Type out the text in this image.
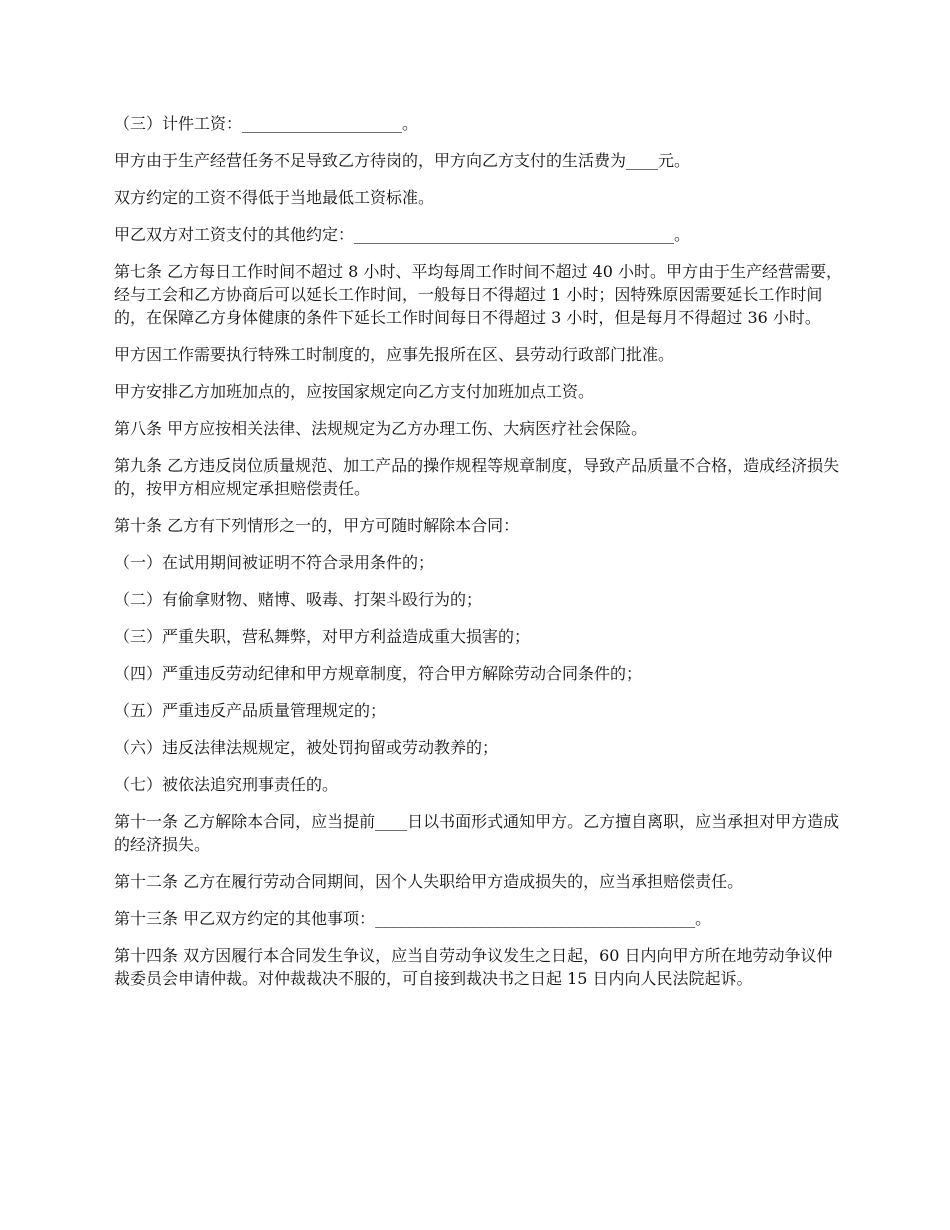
（三）计件工资：____________________。

甲方由于生产经营任务不足导致乙方待岗的，甲方向乙方支付的生活费为____元。

双方约定的工资不得低于当地最低工资标准。

甲乙双方对工资支付的其他约定：________________________________________。

第七条 乙方每日工作时间不超过 8 小时、平均每周工作时间不超过 40 小时。甲方由于生产经营需要，经与工会和乙方协商后可以延长工作时间，一般每日不得超过 1 小时；因特殊原因需要延长工作时间的，在保障乙方身体健康的条件下延长工作时间每日不得超过 3 小时，但是每月不得超过 36 小时。

甲方因工作需要执行特殊工时制度的，应事先报所在区、县劳动行政部门批准。

甲方安排乙方加班加点的，应按国家规定向乙方支付加班加点工资。

第八条 甲方应按相关法律、法规规定为乙方办理工伤、大病医疗社会保险。

第九条 乙方违反岗位质量规范、加工产品的操作规程等规章制度，导致产品质量不合格，造成经济损失的，按甲方相应规定承担赔偿责任。

第十条 乙方有下列情形之一的，甲方可随时解除本合同：

（一）在试用期间被证明不符合录用条件的；

（二）有偷拿财物、赌博、吸毒、打架斗殴行为的；

（三）严重失职，营私舞弊，对甲方利益造成重大损害的；

（四）严重违反劳动纪律和甲方规章制度，符合甲方解除劳动合同条件的；

（五）严重违反产品质量管理规定的；

（六）违反法律法规规定，被处罚拘留或劳动教养的；

（七）被依法追究刑事责任的。

第十一条 乙方解除本合同，应当提前____日以书面形式通知甲方。乙方擅自离职，应当承担对甲方造成的经济损失。

第十二条 乙方在履行劳动合同期间，因个人失职给甲方造成损失的，应当承担赔偿责任。

第十三条 甲乙双方约定的其他事项：________________________________________。

第十四条 双方因履行本合同发生争议，应当自劳动争议发生之日起，60 日内向甲方所在地劳动争议仲裁委员会申请仲裁。对仲裁裁决不服的，可自接到裁决书之日起 15 日内向人民法院起诉。
